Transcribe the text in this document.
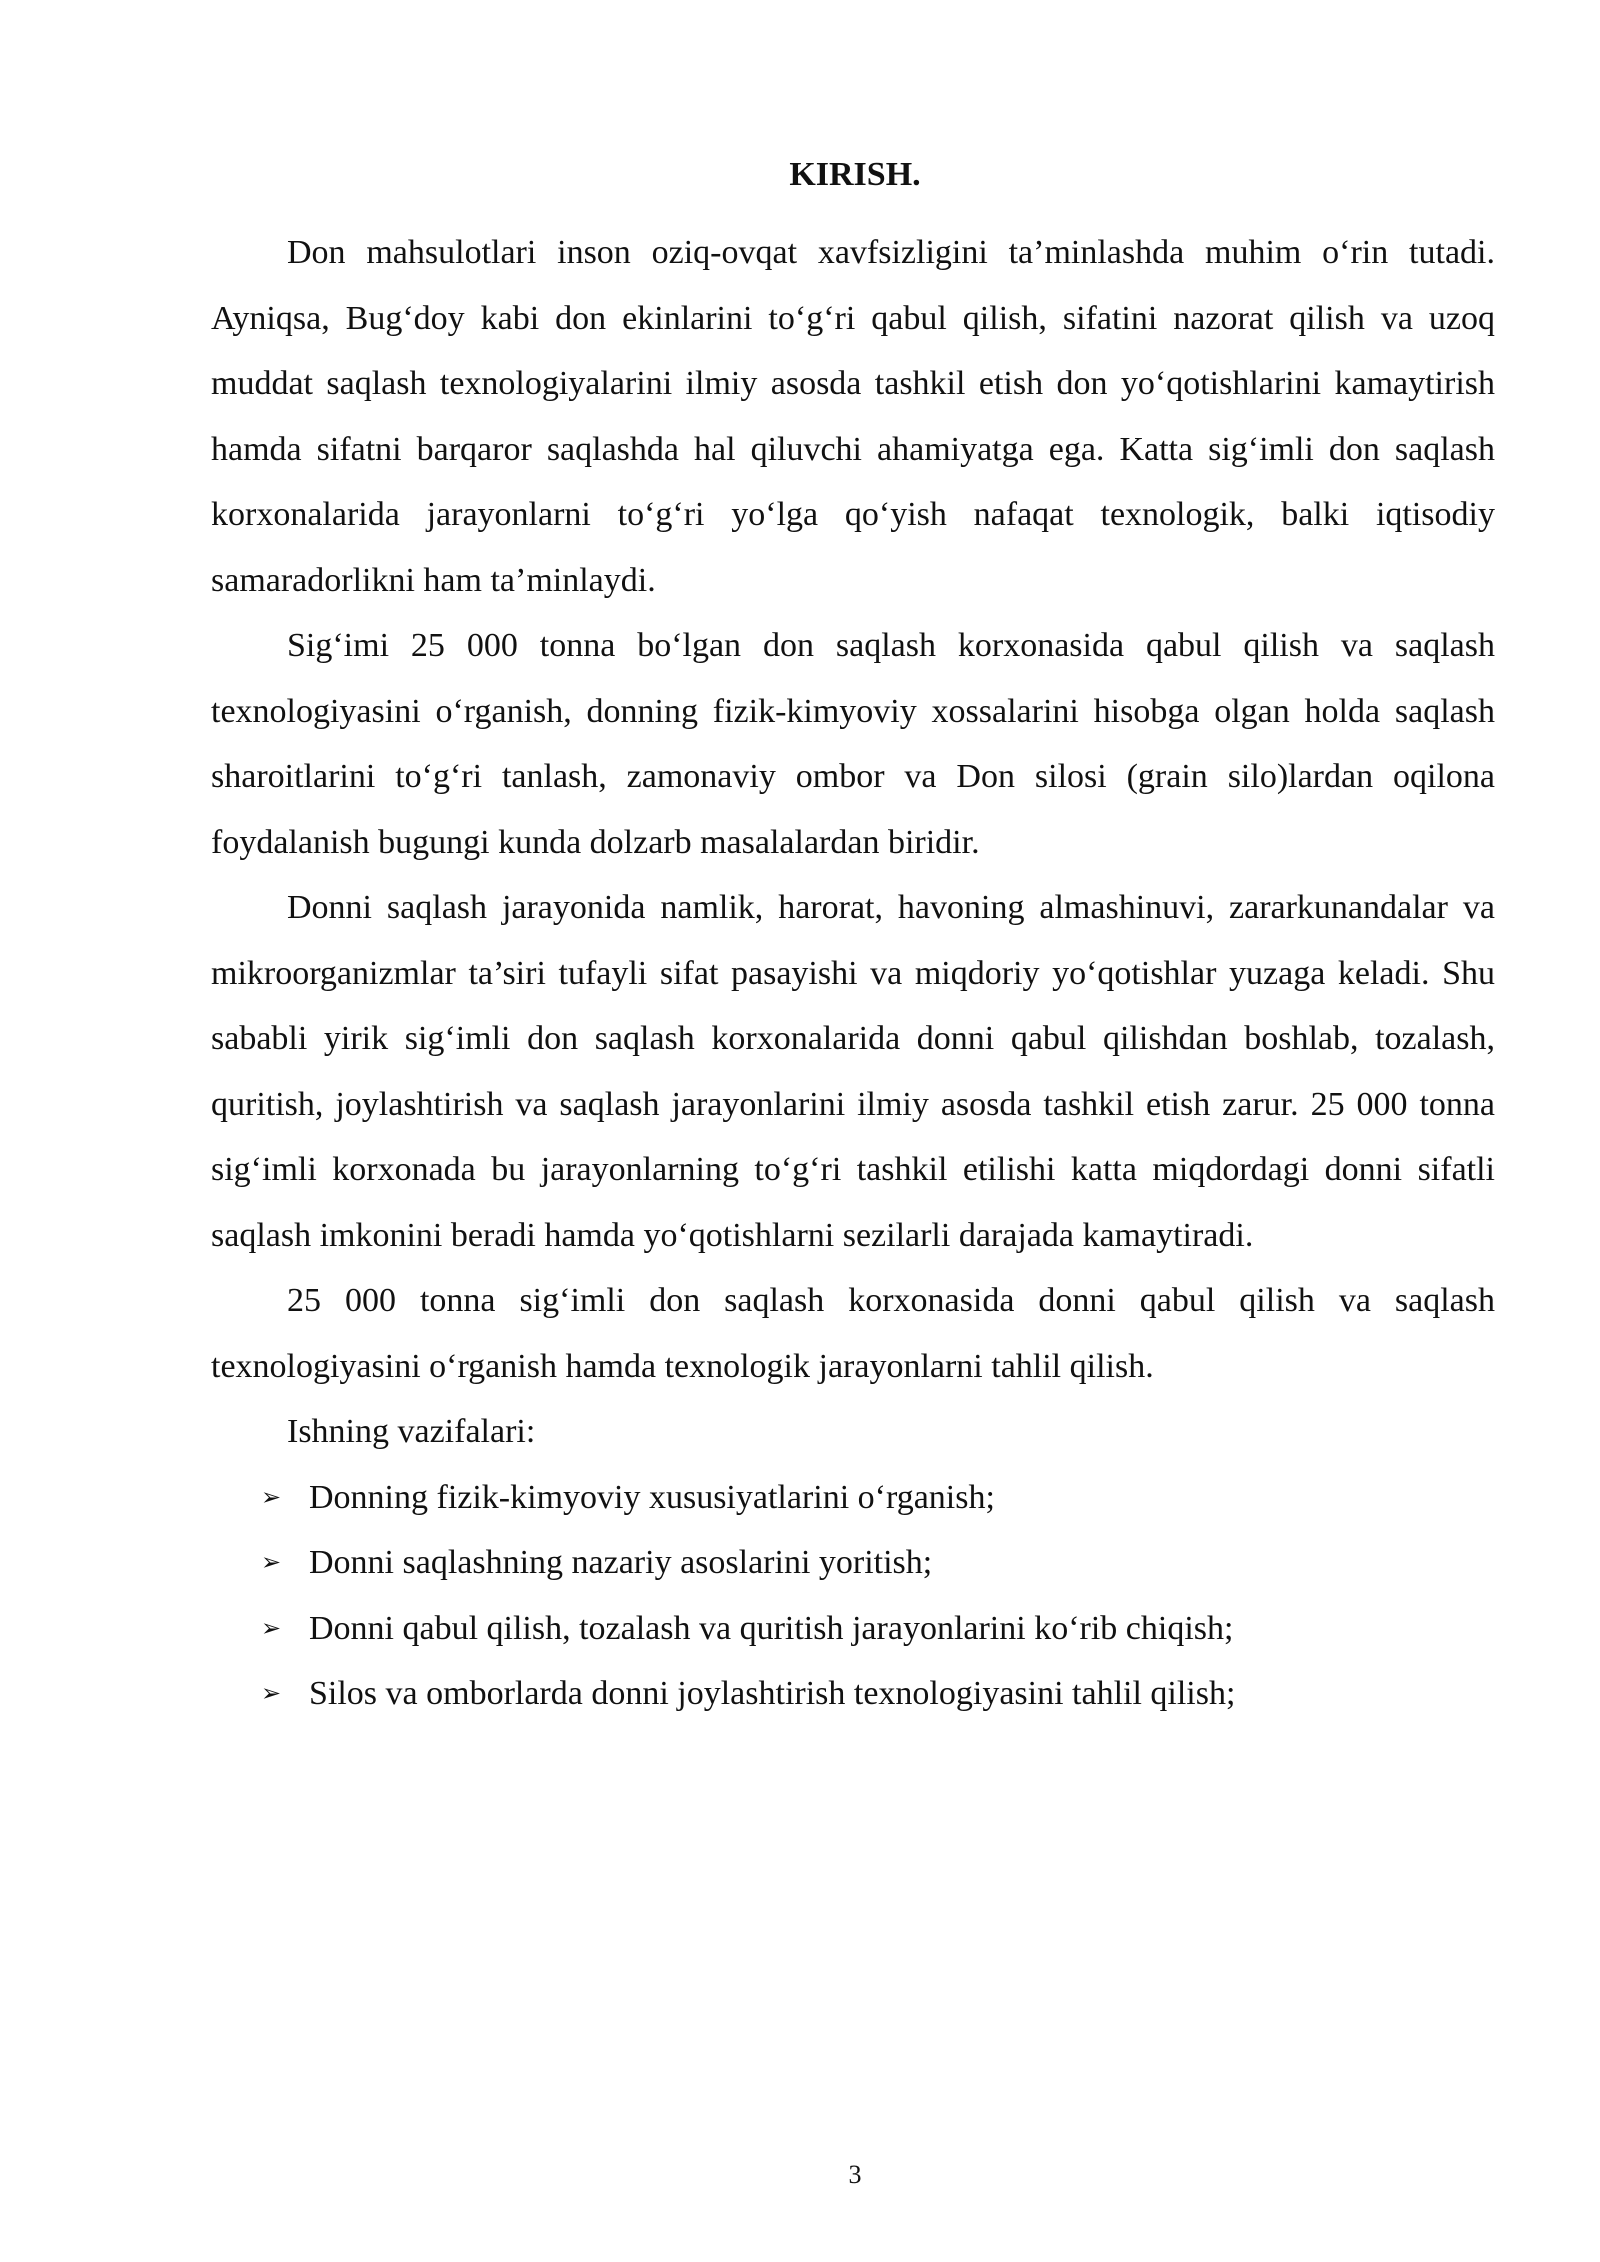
KIRISH.

Don mahsulotlari inson oziq-ovqat xavfsizligini ta’minlashda muhim o‘rin tutadi. Ayniqsa, Bug‘doy kabi don ekinlarini to‘g‘ri qabul qilish, sifatini nazorat qilish va uzoq muddat saqlash texnologiyalarini ilmiy asosda tashkil etish don yo‘qotishlarini kamaytirish hamda sifatni barqaror saqlashda hal qiluvchi ahamiyatga ega. Katta sig‘imli don saqlash korxonalarida jarayonlarni to‘g‘ri yo‘lga qo‘yish nafaqat texnologik, balki iqtisodiy samaradorlikni ham ta’minlaydi.

Sig‘imi 25 000 tonna bo‘lgan don saqlash korxonasida qabul qilish va saqlash texnologiyasini o‘rganish, donning fizik-kimyoviy xossalarini hisobga olgan holda saqlash sharoitlarini to‘g‘ri tanlash, zamonaviy ombor va Don silosi (grain silo)lardan oqilona foydalanish bugungi kunda dolzarb masalalardan biridir.

Donni saqlash jarayonida namlik, harorat, havoning almashinuvi, zararkunandalar va mikroorganizmlar ta’siri tufayli sifat pasayishi va miqdoriy yo‘qotishlar yuzaga keladi. Shu sababli yirik sig‘imli don saqlash korxonalarida donni qabul qilishdan boshlab, tozalash, quritish, joylashtirish va saqlash jarayonlarini ilmiy asosda tashkil etish zarur. 25 000 tonna sig‘imli korxonada bu jarayonlarning to‘g‘ri tashkil etilishi katta miqdordagi donni sifatli saqlash imkonini beradi hamda yo‘qotishlarni sezilarli darajada kamaytiradi.

25 000 tonna sig‘imli don saqlash korxonasida donni qabul qilish va saqlash texnologiyasini o‘rganish hamda texnologik jarayonlarni tahlil qilish.

Ishning vazifalari:

➢ Donning fizik-kimyoviy xususiyatlarini o‘rganish;
➢ Donni saqlashning nazariy asoslarini yoritish;
➢ Donni qabul qilish, tozalash va quritish jarayonlarini ko‘rib chiqish;
➢ Silos va omborlarda donni joylashtirish texnologiyasini tahlil qilish;
3
